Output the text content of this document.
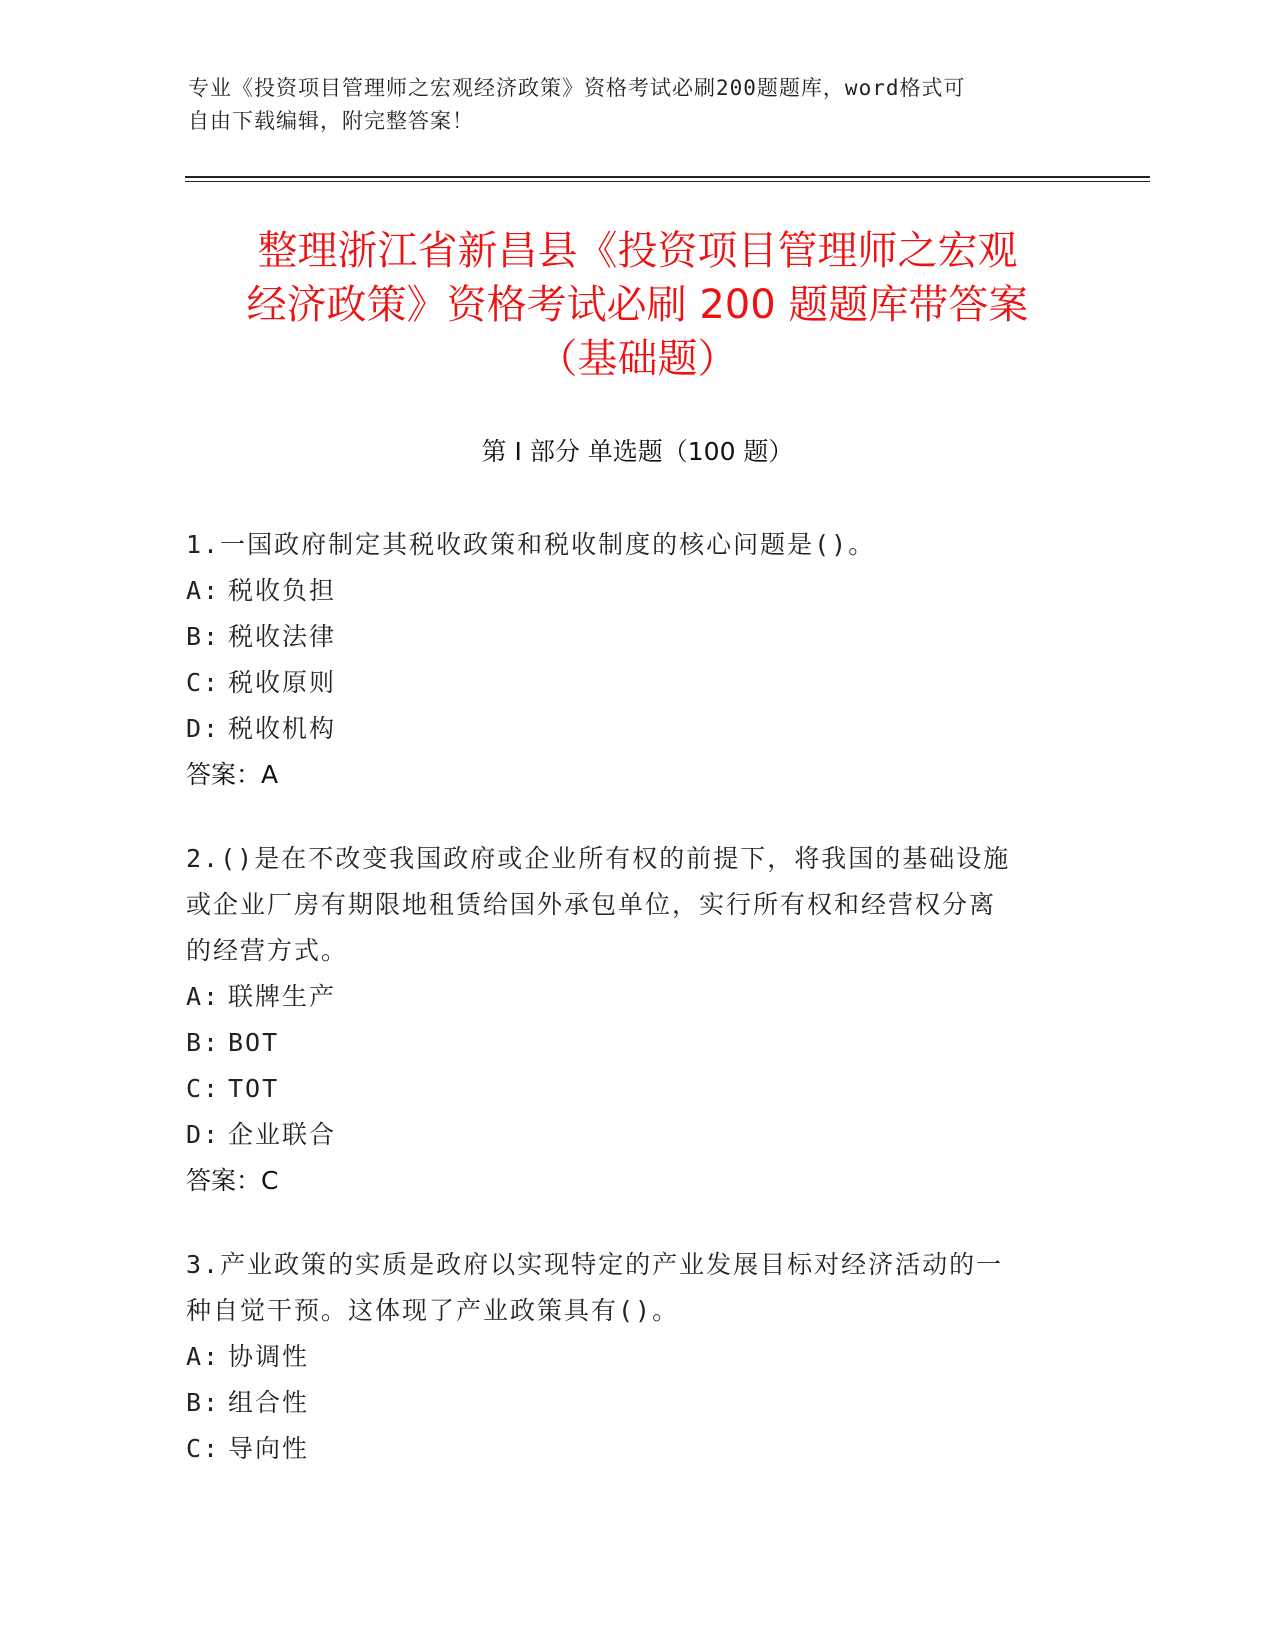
专业《投资项目管理师之宏观经济政策》资格考试必刷200题题库，word格式可
自由下载编辑，附完整答案！
整理浙江省新昌县《投资项目管理师之宏观
经济政策》资格考试必刷 200 题题库带答案
（基础题）
第 I 部分 单选题（100 题）
1.一国政府制定其税收政策和税收制度的核心问题是()。
A: 税收负担
B: 税收法律
C: 税收原则
D: 税收机构
答案：A
2.()是在不改变我国政府或企业所有权的前提下，将我国的基础设施
或企业厂房有期限地租赁给国外承包单位，实行所有权和经营权分离
的经营方式。
A: 联牌生产
B: BOT
C: TOT
D: 企业联合
答案：C
3.产业政策的实质是政府以实现特定的产业发展目标对经济活动的一
种自觉干预。这体现了产业政策具有()。
A: 协调性
B: 组合性
C: 导向性
